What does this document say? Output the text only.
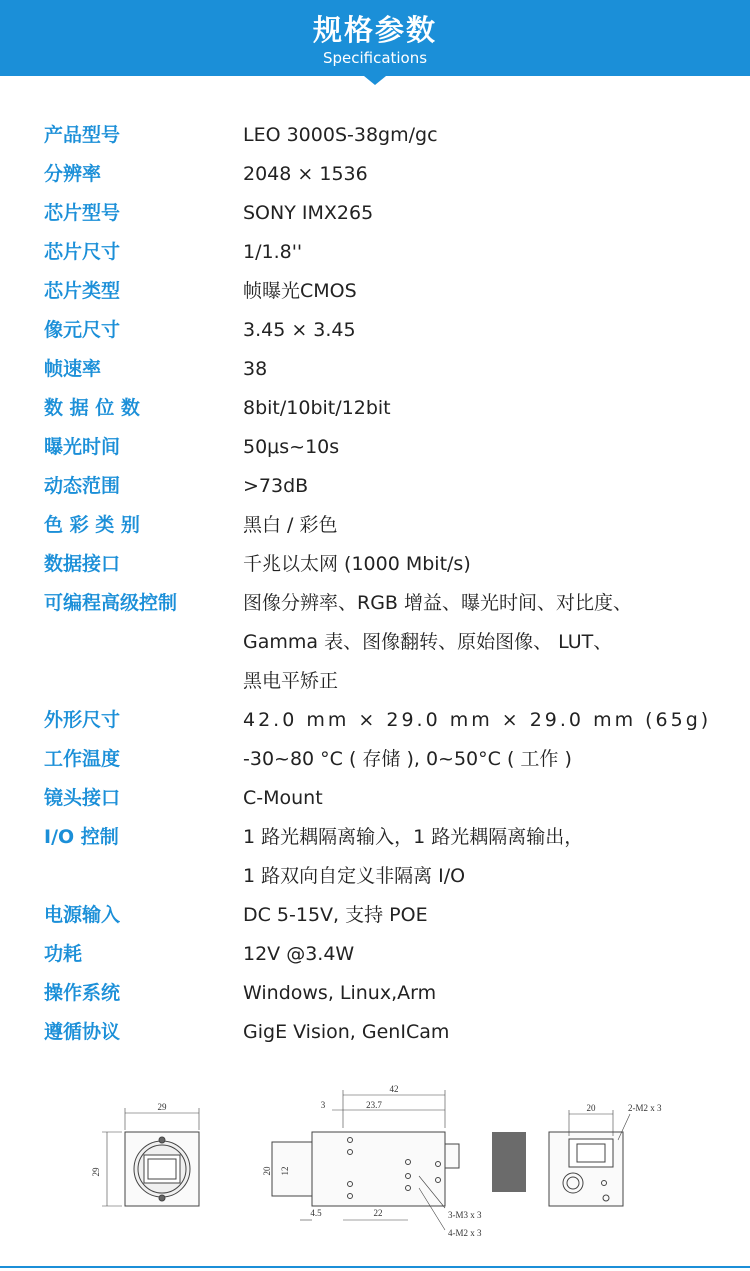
规格参数
Specifications
产品型号	LEO 3000S-38gm/gc
分辨率	2048 × 1536
芯片型号	SONY IMX265
芯片尺寸	1/1.8''
芯片类型	帧曝光CMOS
像元尺寸	3.45 × 3.45
帧速率	38
数 据 位 数	8bit/10bit/12bit
曝光时间	50μs~10s
动态范围	>73dB
色 彩 类 别	黑白 / 彩色
数据接口	千兆以太网 (1000 Mbit/s)
可编程高级控制	图像分辨率、RGB 增益、曝光时间、对比度、
Gamma 表、图像翻转、原始图像、 LUT、
黑电平矫正
外形尺寸	42.0 mm × 29.0 mm × 29.0 mm (65g)
工作温度	-30~80 °C ( 存储 ), 0~50°C ( 工作 )
镜头接口	C-Mount
I/O 控制	1 路光耦隔离输入，1 路光耦隔离输出，
1 路双向自定义非隔离 I/O
电源输入	DC 5-15V, 支持 POE
功耗	12V @3.4W
操作系统	Windows, Linux,Arm
遵循协议	GigE Vision, GenICam
29
29
42
3	23.7
20 12
4.5	22	3-M3 x 3
4-M2 x 3
20	2-M2 x 3
